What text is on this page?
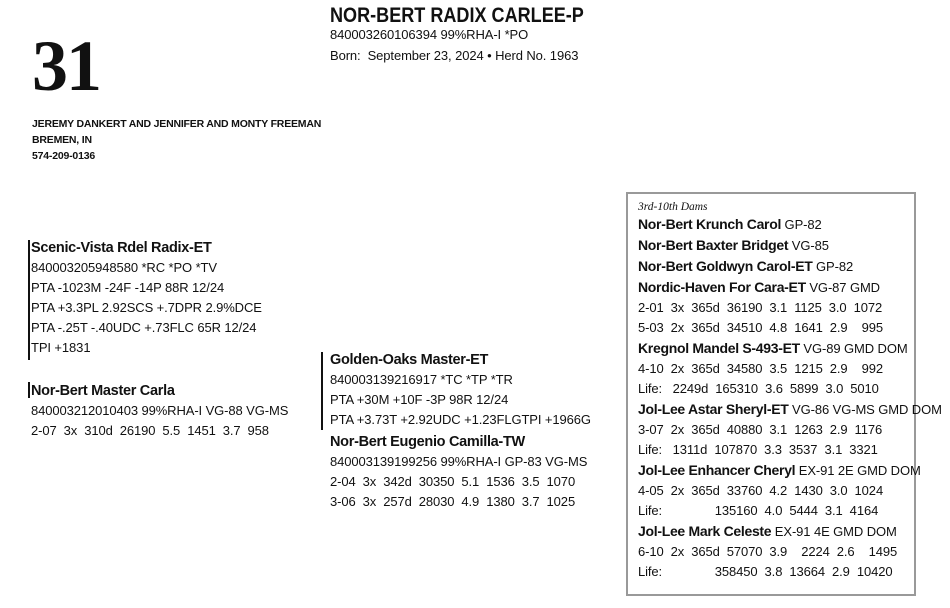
31
NOR-BERT RADIX CARLEE-P
840003260106394 99%RHA-I *PO
Born:  September 23, 2024 • Herd No. 1963
JEREMY DANKERT AND JENNIFER AND MONTY FREEMAN
BREMEN, IN
574-209-0136
Scenic-Vista Rdel Radix-ET
840003205948580 *RC *PO *TV
PTA -1023M -24F -14P 88R 12/24
PTA +3.3PL 2.92SCS +.7DPR 2.9%DCE
PTA -.25T -.40UDC +.73FLC 65R 12/24
TPI +1831
Nor-Bert Master Carla
840003212010403 99%RHA-I VG-88 VG-MS
2-07  3x  310d  26190  5.5  1451  3.7  958
Golden-Oaks Master-ET
840003139216917 *TC *TP *TR
PTA +30M +10F -3P 98R 12/24
PTA +3.73T +2.92UDC +1.23FLGTPI +1966G
Nor-Bert Eugenio Camilla-TW
840003139199256 99%RHA-I GP-83 VG-MS
2-04  3x  342d  30350  5.1  1536  3.5  1070
3-06  3x  257d  28030  4.9  1380  3.7  1025
3rd-10th Dams
Nor-Bert Krunch Carol GP-82
Nor-Bert Baxter Bridget VG-85
Nor-Bert Goldwyn Carol-ET GP-82
Nordic-Haven For Cara-ET VG-87 GMD
2-01  3x  365d  36190  3.1  1125  3.0  1072
5-03  2x  365d  34510  4.8  1641  2.9    995
Kregnol Mandel S-493-ET VG-89 GMD DOM
4-10  2x  365d  34580  3.5  1215  2.9    992
Life:   2249d  165310  3.6  5899  3.0  5010
Jol-Lee Astar Sheryl-ET VG-86 VG-MS GMD DOM
3-07  2x  365d  40880  3.1  1263  2.9  1176
Life:   1311d  107870  3.3  3537  3.1  3321
Jol-Lee Enhancer Cheryl EX-91 2E GMD DOM
4-05  2x  365d  33760  4.2  1430  3.0  1024
Life:               135160  4.0  5444  3.1  4164
Jol-Lee Mark Celeste EX-91 4E GMD DOM
6-10  2x  365d  57070  3.9    2224  2.6    1495
Life:               358450  3.8  13664  2.9  10420
